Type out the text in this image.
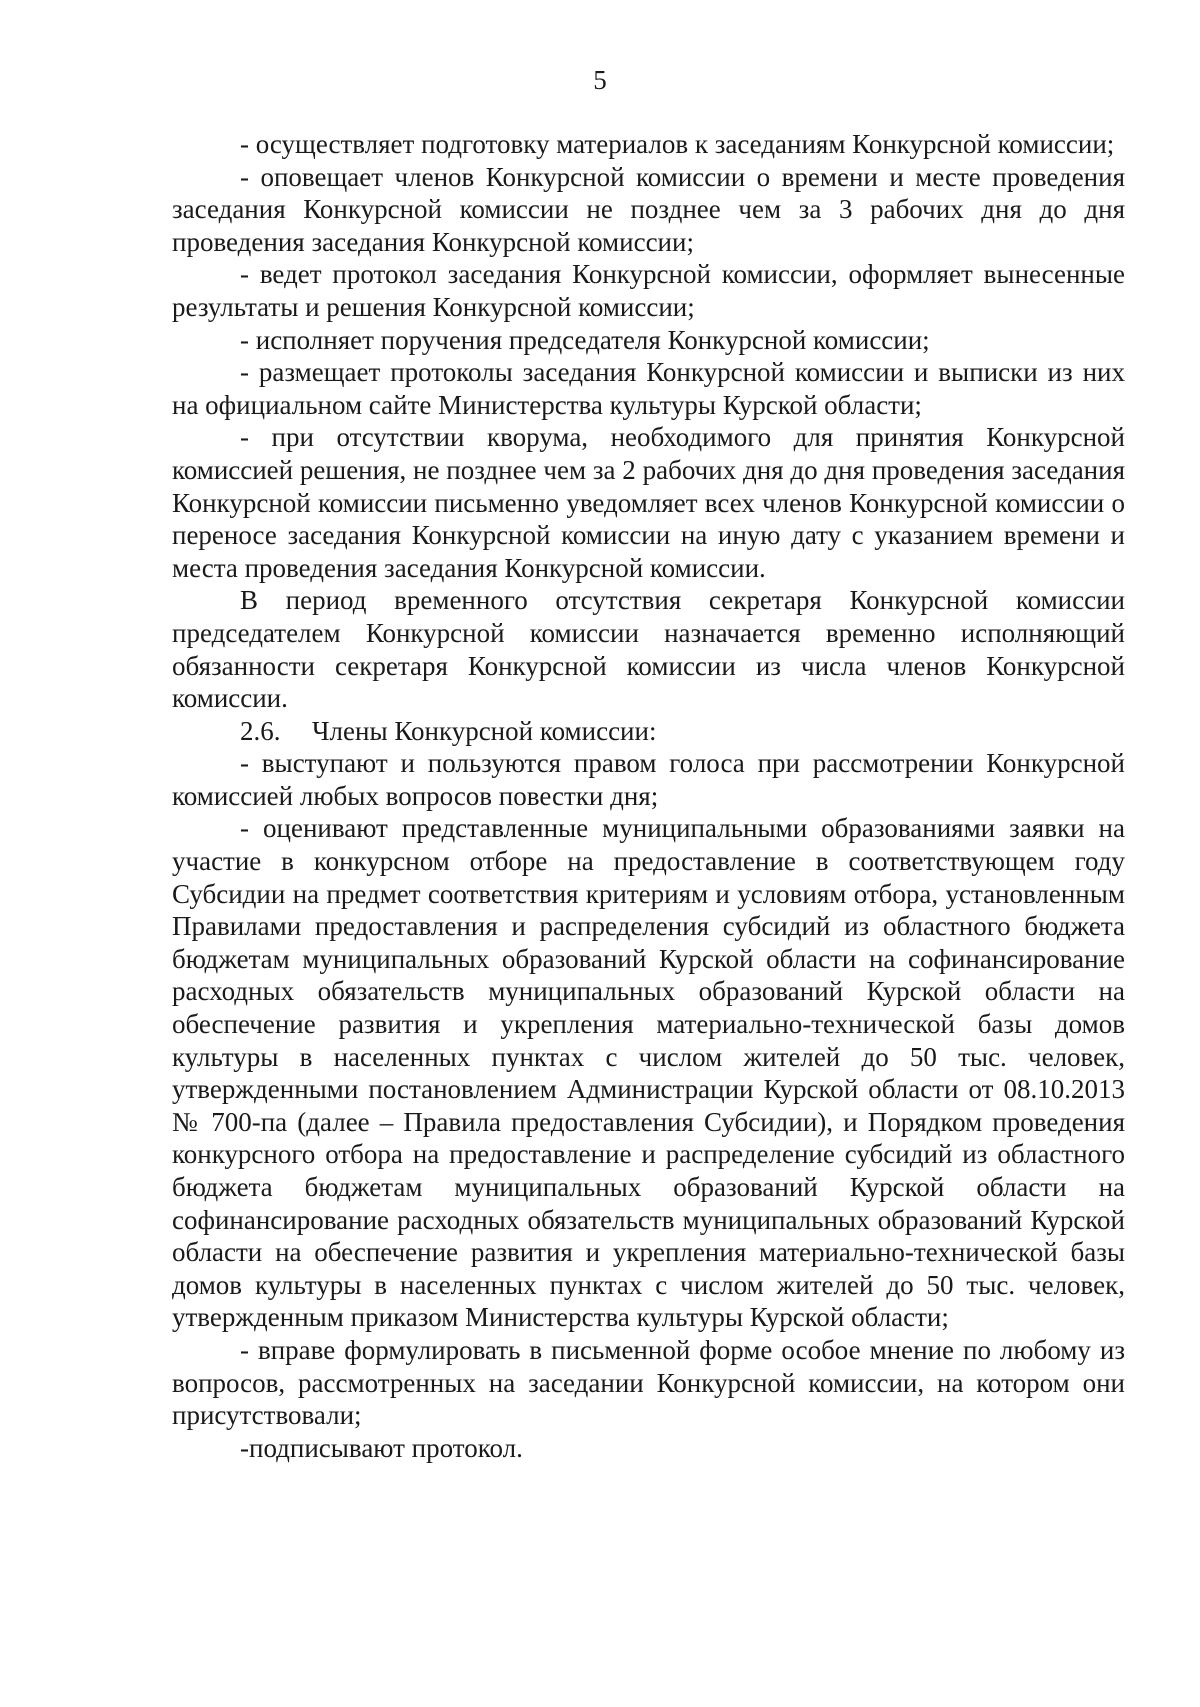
5

- осуществляет подготовку материалов к заседаниям Конкурсной комиссии;

- оповещает членов Конкурсной комиссии о времени и месте проведения заседания Конкурсной комиссии не позднее чем за 3 рабочих дня до дня проведения заседания Конкурсной комиссии;

- ведет протокол заседания Конкурсной комиссии, оформляет вынесенные результаты и решения Конкурсной комиссии;

- исполняет поручения председателя Конкурсной комиссии;

- размещает протоколы заседания Конкурсной комиссии и выписки из них на официальном сайте Министерства культуры Курской области;

- при отсутствии кворума, необходимого для принятия Конкурсной комиссией решения, не позднее чем за 2 рабочих дня до дня проведения заседания Конкурсной комиссии письменно уведомляет всех членов Конкурсной комиссии о переносе заседания Конкурсной комиссии на иную дату с указанием времени и места проведения заседания Конкурсной комиссии.

В период временного отсутствия секретаря Конкурсной комиссии председателем Конкурсной комиссии назначается временно исполняющий обязанности секретаря Конкурсной комиссии из числа членов Конкурсной комиссии.

2.6. Члены Конкурсной комиссии:

- выступают и пользуются правом голоса при рассмотрении Конкурсной комиссией любых вопросов повестки дня;

- оценивают представленные муниципальными образованиями заявки на участие в конкурсном отборе на предоставление в соответствующем году Субсидии на предмет соответствия критериям и условиям отбора, установленным Правилами предоставления и распределения субсидий из областного бюджета бюджетам муниципальных образований Курской области на софинансирование расходных обязательств муниципальных образований Курской области на обеспечение развития и укрепления материально-технической базы домов культуры в населенных пунктах с числом жителей до 50 тыс. человек, утвержденными постановлением Администрации Курской области от 08.10.2013 № 700-па (далее – Правила предоставления Субсидии), и Порядком проведения конкурсного отбора на предоставление и распределение субсидий из областного бюджета бюджетам муниципальных образований Курской области на софинансирование расходных обязательств муниципальных образований Курской области на обеспечение развития и укрепления материально-технической базы домов культуры в населенных пунктах с числом жителей до 50 тыс. человек, утвержденным приказом Министерства культуры Курской области;

- вправе формулировать в письменной форме особое мнение по любому из вопросов, рассмотренных на заседании Конкурсной комиссии, на котором они присутствовали;

-подписывают протокол.
